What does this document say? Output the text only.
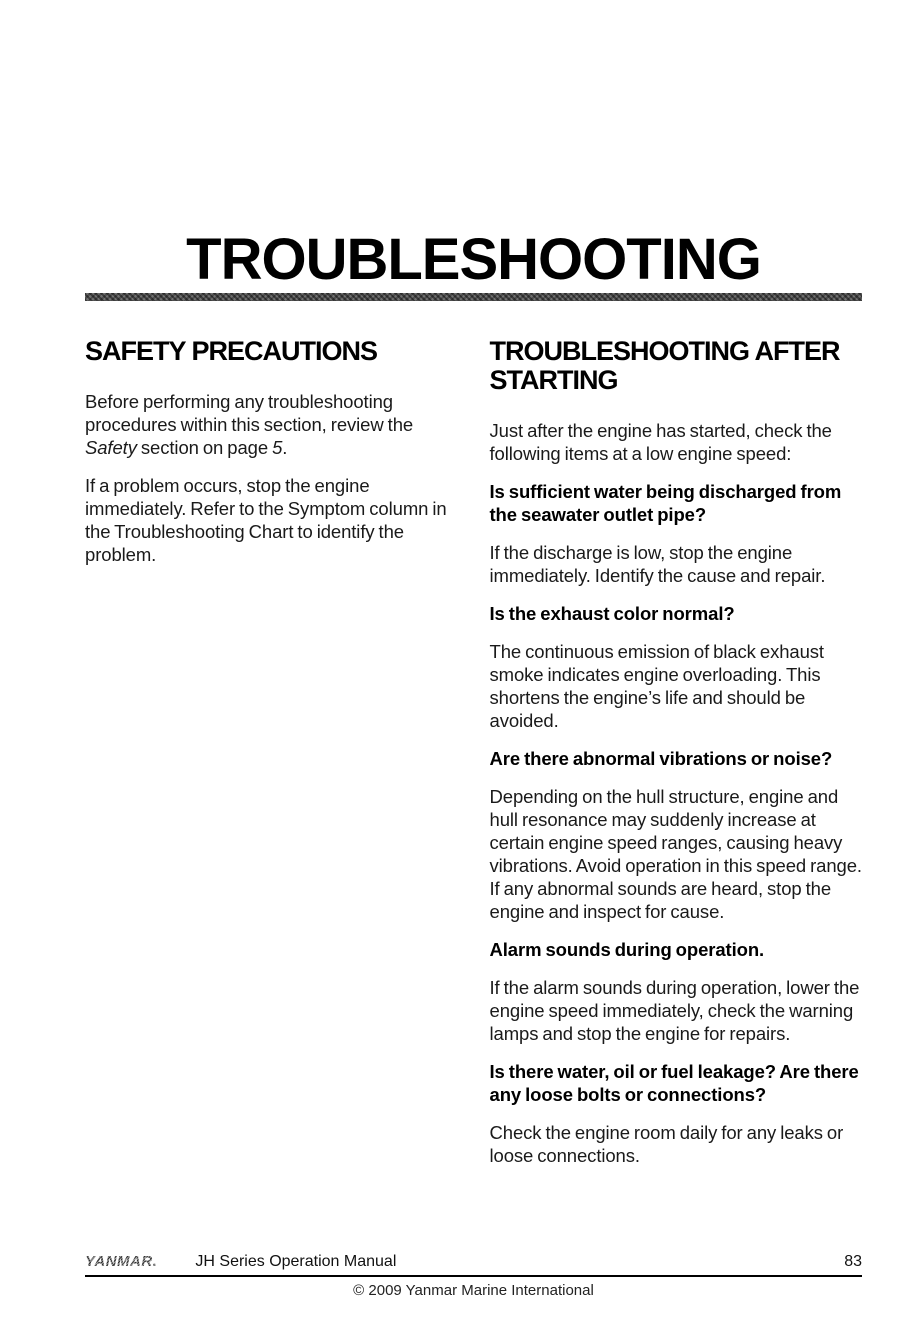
TROUBLESHOOTING
SAFETY PRECAUTIONS

Before performing any troubleshooting procedures within this section, review the Safety section on page 5.

If a problem occurs, stop the engine immediately. Refer to the Symptom column in the Troubleshooting Chart to identify the problem.

TROUBLESHOOTING AFTER STARTING

Just after the engine has started, check the following items at a low engine speed:

Is sufficient water being discharged from the seawater outlet pipe?

If the discharge is low, stop the engine immediately. Identify the cause and repair.

Is the exhaust color normal?

The continuous emission of black exhaust smoke indicates engine overloading. This shortens the engine’s life and should be avoided.

Are there abnormal vibrations or noise?

Depending on the hull structure, engine and hull resonance may suddenly increase at certain engine speed ranges, causing heavy vibrations. Avoid operation in this speed range. If any abnormal sounds are heard, stop the engine and inspect for cause.

Alarm sounds during operation.

If the alarm sounds during operation, lower the engine speed immediately, check the warning lamps and stop the engine for repairs.

Is there water, oil or fuel leakage? Are there any loose bolts or connections?

Check the engine room daily for any leaks or loose connections.

YANMAR. JH Series Operation Manual	83
© 2009 Yanmar Marine International
